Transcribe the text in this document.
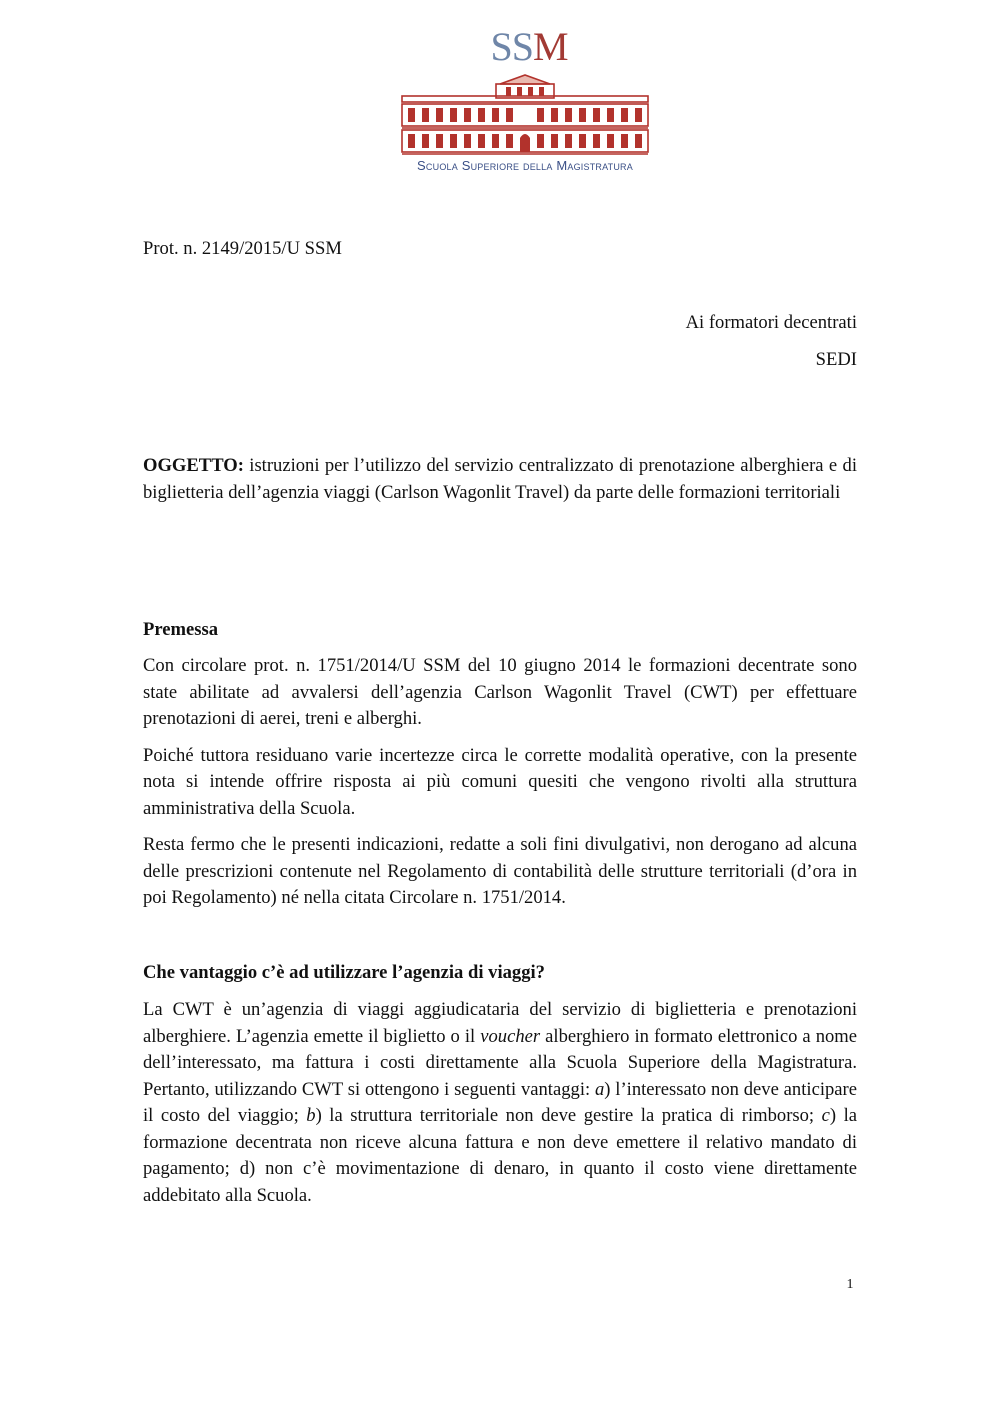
SSM
Scuola Superiore della Magistratura
Prot. n. 2149/2015/U SSM

Ai formatori decentrati

SEDI

OGGETTO: istruzioni per l’utilizzo del servizio centralizzato di prenotazione alberghiera e di biglietteria dell’agenzia viaggi (Carlson Wagonlit Travel) da parte delle formazioni territoriali
Premessa

Con circolare prot. n. 1751/2014/U SSM del 10 giugno 2014 le formazioni decentrate sono state abilitate ad avvalersi dell’agenzia Carlson Wagonlit Travel (CWT) per effettuare prenotazioni di aerei, treni e alberghi.

Poiché tuttora residuano varie incertezze circa le corrette modalità operative, con la presente nota si intende offrire risposta ai più comuni quesiti che vengono rivolti alla struttura amministrativa della Scuola.

Resta fermo che le presenti indicazioni, redatte a soli fini divulgativi, non derogano ad alcuna delle prescrizioni contenute nel Regolamento di contabilità delle strutture territoriali (d’ora in poi Regolamento) né nella citata Circolare n. 1751/2014.

Che vantaggio c’è ad utilizzare l’agenzia di viaggi?
La CWT è un’agenzia di viaggi aggiudicataria del servizio di biglietteria e prenotazioni alberghiere. L’agenzia emette il biglietto o il voucher alberghiero in formato elettronico a nome dell’interessato, ma fattura i costi direttamente alla Scuola Superiore della Magistratura. Pertanto, utilizzando CWT si ottengono i seguenti vantaggi: a) l’interessato non deve anticipare il costo del viaggio; b) la struttura territoriale non deve gestire la pratica di rimborso; c) la formazione decentrata non riceve alcuna fattura e non deve emettere il relativo mandato di pagamento; d) non c’è movimentazione di denaro, in quanto il costo viene direttamente addebitato alla Scuola.
1
